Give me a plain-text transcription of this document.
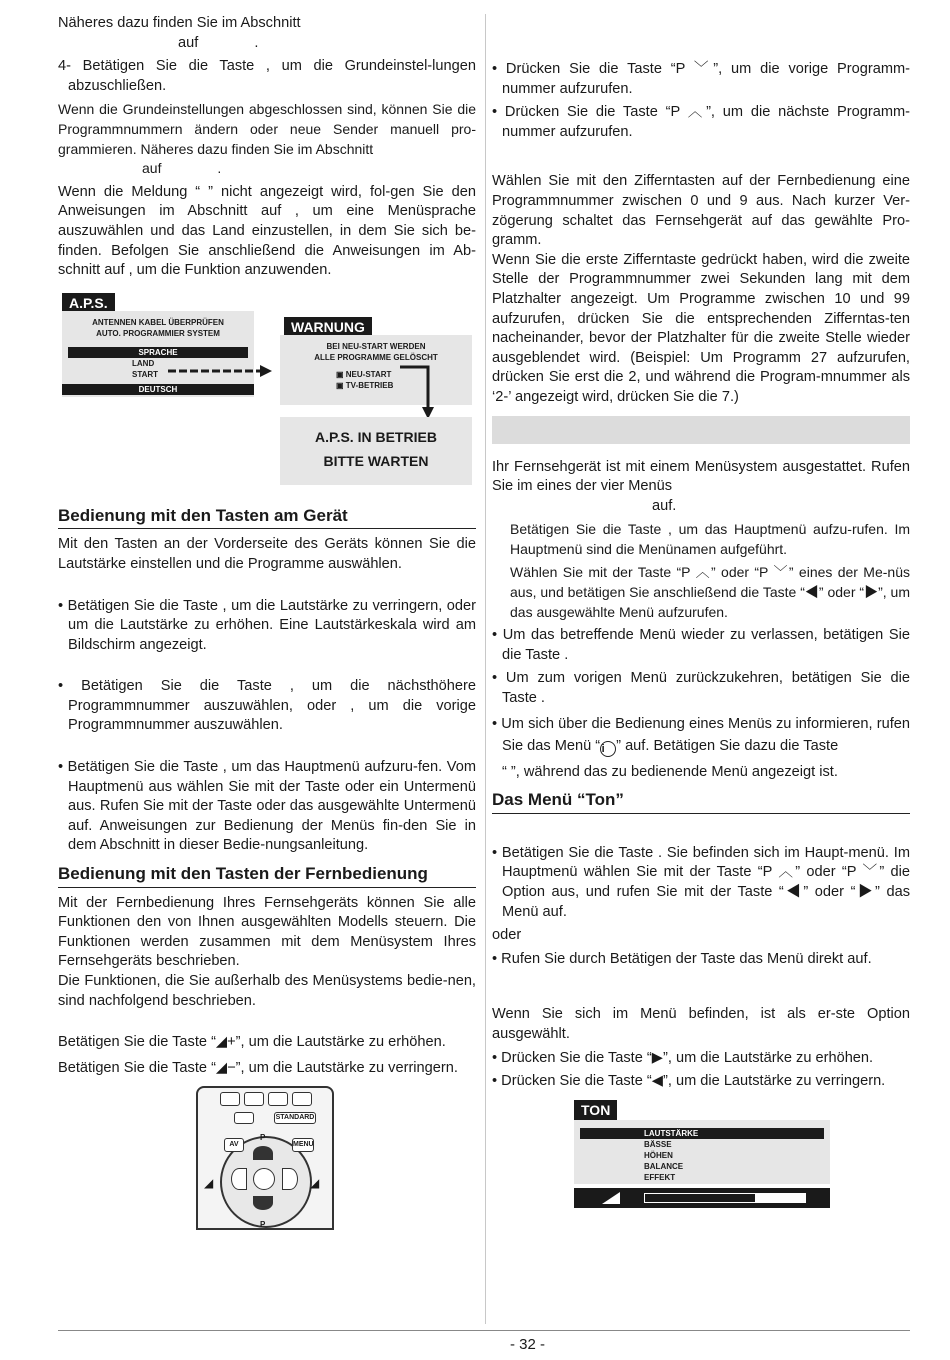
Näheres dazu finden Sie im Abschnitt
auf	.

4- Betätigen Sie die Taste , um die Grundeinstel-lungen abzuschließen.

Wenn die Grundeinstellungen abgeschlossen sind, können Sie die Programmnummern ändern oder neue Sender manuell pro-grammieren. Näheres dazu finden Sie im Abschnitt
auf	.

Wenn die Meldung “ ” nicht angezeigt wird, fol-gen Sie den Anweisungen im Abschnitt auf , um eine Menüsprache auszuwählen und das Land einzustellen, in dem Sie sich be-finden. Befolgen Sie anschließend die Anweisungen im Ab-schnitt auf , um die Funktion anzuwenden.

A.P.S.
ANTENNEN KABEL ÜBERPRÜFEN
AUTO. PROGRAMMIER SYSTEM
SPRACHE
LAND
START
DEUTSCH
WARNUNG
BEI NEU-START WERDEN
ALLE PROGRAMME GELÖSCHT
▣ NEU-START
▣ TV-BETRIEB
A.P.S. IN BETRIEB
BITTE WARTEN
Bedienung mit den Tasten am Gerät

Mit den Tasten an der Vorderseite des Geräts können Sie die Lautstärke einstellen und die Programme auswählen.

• Betätigen Sie die Taste , um die Lautstärke zu verringern, oder um die Lautstärke zu erhöhen. Eine Lautstärkeskala wird am Bildschirm angezeigt.

• Betätigen Sie die Taste , um die nächsthöhere Programmnummer auszuwählen, oder , um die vorige Programmnummer auszuwählen.

• Betätigen Sie die Taste , um das Hauptmenü aufzuru-fen. Vom Hauptmenü aus wählen Sie mit der Taste oder ein Untermenü aus. Rufen Sie mit der Taste oder das ausgewählte Untermenü auf. Anweisungen zur Bedienung der Menüs fin-den Sie in dem Abschnitt in dieser Bedie-nungsanleitung.

Bedienung mit den Tasten der Fernbedienung

Mit der Fernbedienung Ihres Fernsehgeräts können Sie alle Funktionen den von Ihnen ausgewählten Modells steuern. Die Funktionen werden zusammen mit dem Menüsystem Ihres Fernsehgeräts beschrieben.

Die Funktionen, die Sie außerhalb des Menüsystems bedie-nen, sind nachfolgend beschrieben.

Betätigen Sie die Taste “◢+”, um die Lautstärke zu erhöhen.

Betätigen Sie die Taste “◢−”, um die Lautstärke zu verringern.

STANDARD
AV	MENU
P
P
◢	◢

• Drücken Sie die Taste “P ﹀”, um die vorige Programm-nummer aufzurufen.

• Drücken Sie die Taste “P ︿”, um die nächste Programm-nummer aufzurufen.

Wählen Sie mit den Zifferntasten auf der Fernbedienung eine Programmnummer zwischen 0 und 9 aus. Nach kurzer Ver-zögerung schaltet das Fernsehgerät auf das gewählte Pro-gramm.

Wenn Sie die erste Zifferntaste gedrückt haben, wird die zweite Stelle der Programmnummer zwei Sekunden lang mit dem Platzhalter angezeigt. Um Programme zwischen 10 und 99 aufzurufen, drücken Sie die entsprechenden Zifferntas-ten nacheinander, bevor der Platzhalter für die zweite Stelle wieder ausgeblendet wird. (Beispiel: Um Programm 27 aufzurufen, drücken Sie erst die 2, und während die Program-mnummer als ‘2-’ angezeigt wird, drücken Sie die 7.)

Ihr Fernsehgerät ist mit einem Menüsystem ausgestattet. Rufen Sie im eines der vier Menüs

auf.

Betätigen Sie die Taste , um das Hauptmenü aufzu-rufen. Im Hauptmenü sind die Menünamen aufgeführt.

Wählen Sie mit der Taste “P ︿” oder “P ﹀” eines der Me-nüs aus, und betätigen Sie anschließend die Taste “◀” oder “▶”, um das ausgewählte Menü aufzurufen.

• Um das betreffende Menü wieder zu verlassen, betätigen Sie die Taste .

• Um zum vorigen Menü zurückzukehren, betätigen Sie die Taste .

• Um sich über die Bedienung eines Menüs zu informieren, rufen Sie das Menü “i ” auf. Betätigen Sie dazu die Taste

“ ”, während das zu bedienende Menü angezeigt ist.

Das Menü “Ton”

• Betätigen Sie die Taste . Sie befinden sich im Haupt-menü. Im Hauptmenü wählen Sie mit der Taste “P ︿” oder “P ﹀” die Option aus, und rufen Sie mit der Taste “◀” oder “▶” das Menü auf.

oder

• Rufen Sie durch Betätigen der Taste das Menü direkt auf.

Wenn Sie sich im Menü befinden, ist als er-ste Option ausgewählt.

• Drücken Sie die Taste “▶”, um die Lautstärke zu erhöhen.

• Drücken Sie die Taste “◀”, um die Lautstärke zu verringern.

TON
LAUTSTÄRKE
BÄSSE
HÖHEN
BALANCE
EFFEKT
- 32 -
